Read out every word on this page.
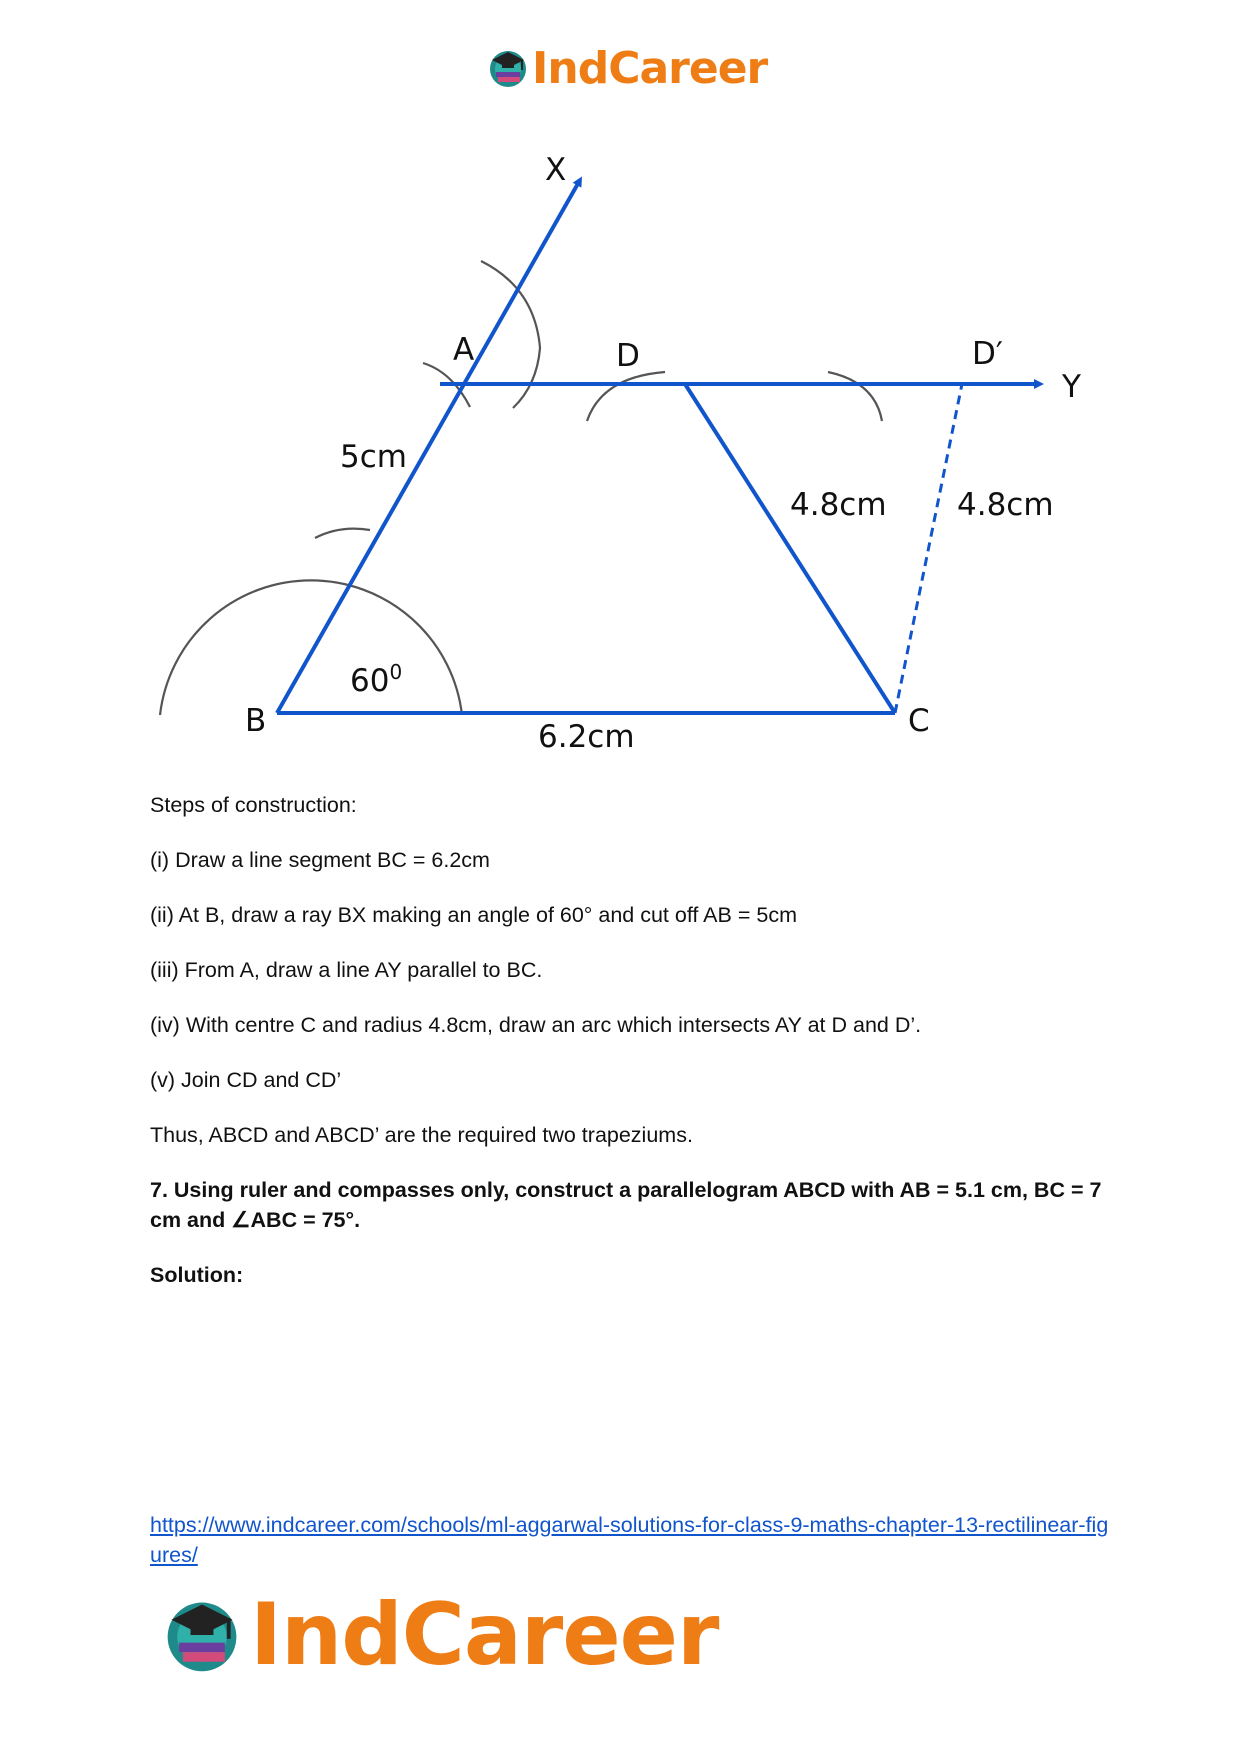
IndCareer
X
A	D	D′
Y
B	C
5cm
4.8cm 4.8cm
6.2cm
$60^0$

Steps of construction:

(i) Draw a line segment BC = 6.2cm

(ii) At B, draw a ray BX making an angle of 60° and cut off AB = 5cm

(iii) From A, draw a line AY parallel to BC.

(iv) With centre C and radius 4.8cm, draw an arc which intersects AY at D and D’.

(v) Join CD and CD’

Thus, ABCD and ABCD’ are the required two trapeziums.

7. Using ruler and compasses only, construct a parallelogram ABCD with AB = 5.1 cm, BC = 7 cm and ∠ABC = 75°.

Solution:

https://www.indcareer.com/schools/ml-aggarwal-solutions-for-class-9-maths-chapter-13-rectilinear-figures/
IndCareer
